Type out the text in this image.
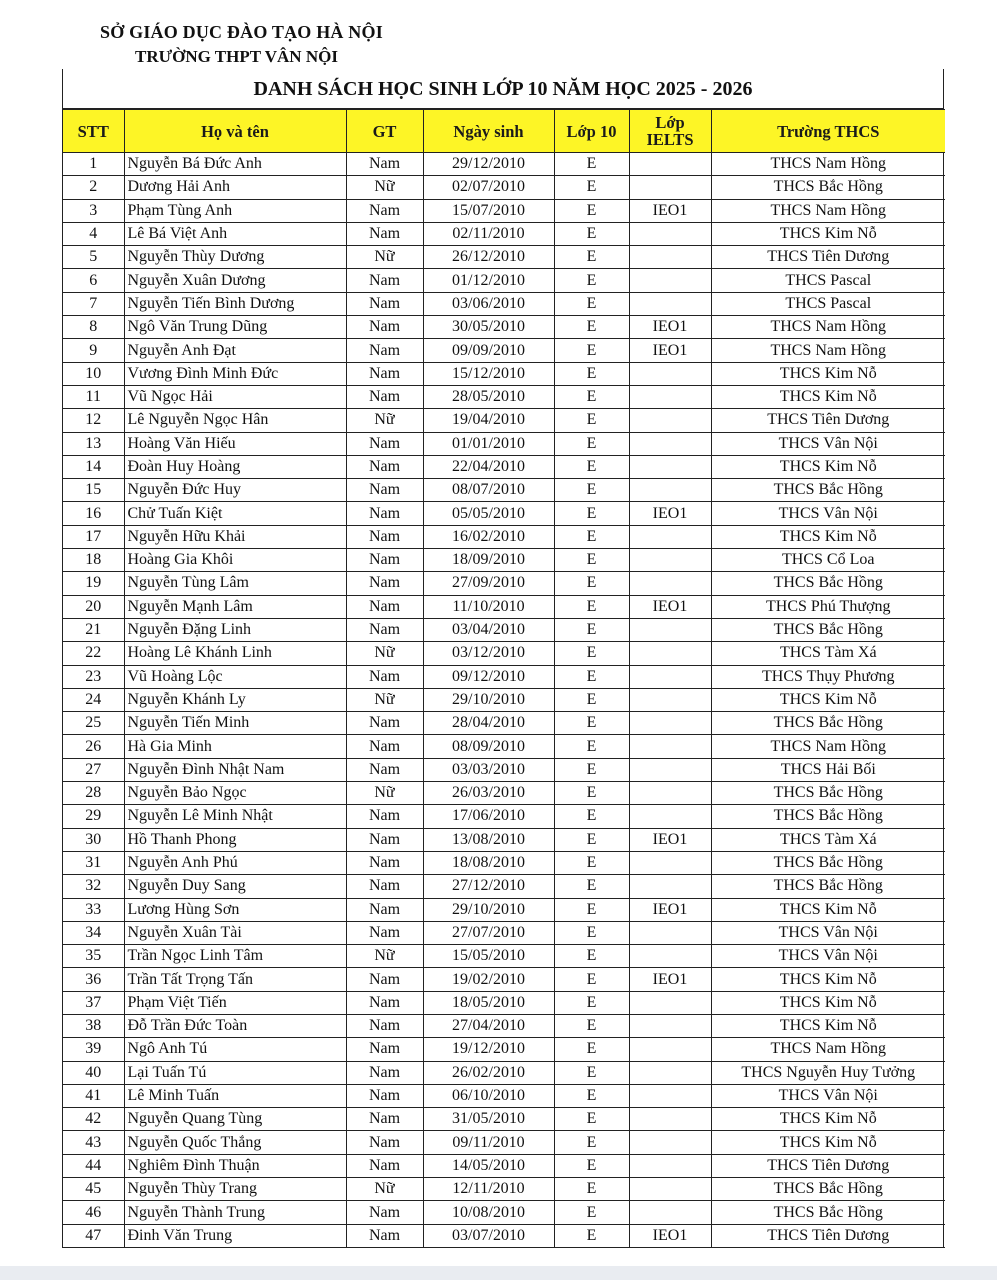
SỞ GIÁO DỤC ĐÀO TẠO HÀ NỘI
TRƯỜNG THPT VÂN NỘI
DANH SÁCH HỌC SINH LỚP 10 NĂM HỌC 2025 - 2026
STT	Họ và tên	GT	Ngày sinh	Lớp 10	Lớp
IELTS	Trường THCS
1	Nguyễn Bá Đức Anh	Nam	29/12/2010	E		THCS Nam Hồng
2	Dương Hải Anh	Nữ	02/07/2010	E		THCS Bắc Hồng
3	Phạm Tùng Anh	Nam	15/07/2010	E	IEO1	THCS Nam Hồng
4	Lê Bá Việt Anh	Nam	02/11/2010	E		THCS Kim Nỗ
5	Nguyễn Thùy Dương	Nữ	26/12/2010	E		THCS Tiên Dương
6	Nguyễn Xuân Dương	Nam	01/12/2010	E		THCS Pascal
7	Nguyễn Tiến Bình Dương	Nam	03/06/2010	E		THCS Pascal
8	Ngô Văn Trung Dũng	Nam	30/05/2010	E	IEO1	THCS Nam Hồng
9	Nguyễn Anh Đạt	Nam	09/09/2010	E	IEO1	THCS Nam Hồng
10	Vương Đình Minh Đức	Nam	15/12/2010	E		THCS Kim Nỗ
11	Vũ Ngọc Hải	Nam	28/05/2010	E		THCS Kim Nỗ
12	Lê Nguyễn Ngọc Hân	Nữ	19/04/2010	E		THCS Tiên Dương
13	Hoàng Văn Hiếu	Nam	01/01/2010	E		THCS Vân Nội
14	Đoàn Huy Hoàng	Nam	22/04/2010	E		THCS Kim Nỗ
15	Nguyễn Đức Huy	Nam	08/07/2010	E		THCS Bắc Hồng
16	Chử Tuấn Kiệt	Nam	05/05/2010	E	IEO1	THCS Vân Nội
17	Nguyễn Hữu Khải	Nam	16/02/2010	E		THCS Kim Nỗ
18	Hoàng Gia Khôi	Nam	18/09/2010	E		THCS Cổ Loa
19	Nguyễn Tùng Lâm	Nam	27/09/2010	E		THCS Bắc Hồng
20	Nguyễn Mạnh Lâm	Nam	11/10/2010	E	IEO1	THCS Phú Thượng
21	Nguyễn Đặng Linh	Nam	03/04/2010	E		THCS Bắc Hồng
22	Hoàng Lê Khánh Linh	Nữ	03/12/2010	E		THCS Tàm Xá
23	Vũ Hoàng Lộc	Nam	09/12/2010	E		THCS Thụy Phương
24	Nguyễn Khánh Ly	Nữ	29/10/2010	E		THCS Kim Nỗ
25	Nguyễn Tiến Minh	Nam	28/04/2010	E		THCS Bắc Hồng
26	Hà Gia Minh	Nam	08/09/2010	E		THCS Nam Hồng
27	Nguyễn Đình Nhật Nam	Nam	03/03/2010	E		THCS Hải Bối
28	Nguyễn Bảo Ngọc	Nữ	26/03/2010	E		THCS Bắc Hồng
29	Nguyễn Lê Minh Nhật	Nam	17/06/2010	E		THCS Bắc Hồng
30	Hồ Thanh Phong	Nam	13/08/2010	E	IEO1	THCS Tàm Xá
31	Nguyễn Anh Phú	Nam	18/08/2010	E		THCS Bắc Hồng
32	Nguyễn Duy Sang	Nam	27/12/2010	E		THCS Bắc Hồng
33	Lương Hùng Sơn	Nam	29/10/2010	E	IEO1	THCS Kim Nỗ
34	Nguyễn Xuân Tài	Nam	27/07/2010	E		THCS Vân Nội
35	Trần Ngọc Linh Tâm	Nữ	15/05/2010	E		THCS Vân Nội
36	Trần Tất Trọng Tấn	Nam	19/02/2010	E	IEO1	THCS Kim Nỗ
37	Phạm Việt Tiến	Nam	18/05/2010	E		THCS Kim Nỗ
38	Đỗ Trần Đức Toàn	Nam	27/04/2010	E		THCS Kim Nỗ
39	Ngô Anh Tú	Nam	19/12/2010	E		THCS Nam Hồng
40	Lại Tuấn Tú	Nam	26/02/2010	E		THCS Nguyễn Huy Tưởng
41	Lê Minh Tuấn	Nam	06/10/2010	E		THCS Vân Nội
42	Nguyễn Quang Tùng	Nam	31/05/2010	E		THCS Kim Nỗ
43	Nguyễn Quốc Thắng	Nam	09/11/2010	E		THCS Kim Nỗ
44	Nghiêm Đình Thuận	Nam	14/05/2010	E		THCS Tiên Dương
45	Nguyễn Thùy Trang	Nữ	12/11/2010	E		THCS Bắc Hồng
46	Nguyễn Thành Trung	Nam	10/08/2010	E		THCS Bắc Hồng
47	Đinh Văn Trung	Nam	03/07/2010	E	IEO1	THCS Tiên Dương
